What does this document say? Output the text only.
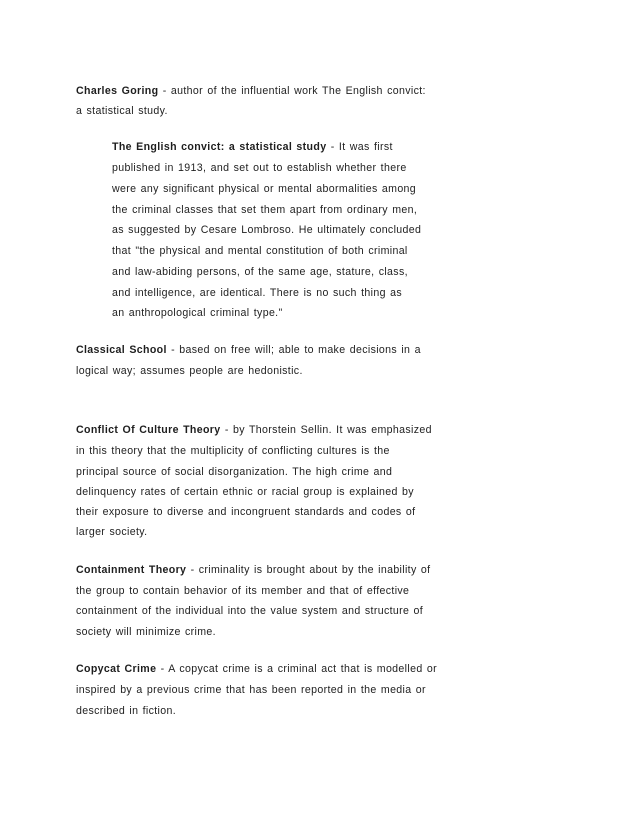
Charles Goring - author of the influential work The English convict:
a statistical study.
The English convict: a statistical study - It was first
published in 1913, and set out to establish whether there
were any significant physical or mental abormalities among
the criminal classes that set them apart from ordinary men,
as suggested by Cesare Lombroso. He ultimately concluded
that "the physical and mental constitution of both criminal
and law-abiding persons, of the same age, stature, class,
and intelligence, are identical. There is no such thing as
an anthropological criminal type."
Classical School - based on free will; able to make decisions in a
logical way; assumes people are hedonistic.
Conflict Of Culture Theory - by Thorstein Sellin. It was emphasized
in this theory that the multiplicity of conflicting cultures is the
principal source of social disorganization. The high crime and
delinquency rates of certain ethnic or racial group is explained by
their exposure to diverse and incongruent standards and codes of
larger society.
Containment Theory - criminality is brought about by the inability of
the group to contain behavior of its member and that of effective
containment of the individual into the value system and structure of
society will minimize crime.
Copycat Crime - A copycat crime is a criminal act that is modelled or
inspired by a previous crime that has been reported in the media or
described in fiction.
